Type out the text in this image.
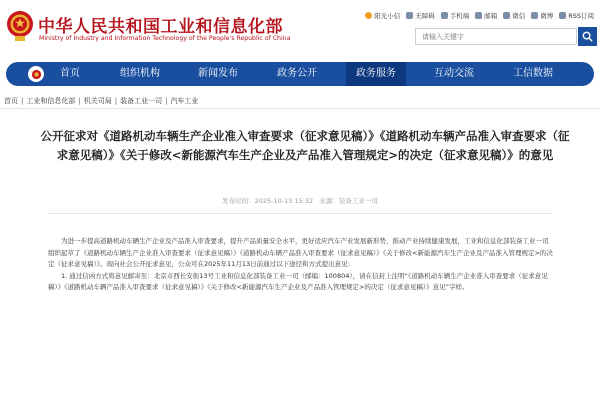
中华人民共和国工业和信息化部
Ministry of Industry and Information Technology of the People's Republic of China
阳光小信 无障碍 手机端 邮箱 微信 微博 RSS订阅
请输入关键字
首页	组织机构	新闻发布	政务公开	政务服务	互动交流	工信数据
首页 | 工业和信息化部 | 机关司局 | 装备工业一司 | 汽车工业
公开征求对《道路机动车辆生产企业准入审查要求（征求意见稿）》《道路机动车辆产品准入审查要求（征求意见稿）》《关于修改<新能源汽车生产企业及产品准入管理规定>的决定（征求意见稿）》的意见
发布时间：2025-10-13 15:32 来源：装备工业一司

为进一步提高道路机动车辆生产企业及产品准入审查要求，提升产品质量安全水平，更好适应汽车产业发展新形势，推动产业持续健康发展，工业和信息化部装备工业一司组织起草了《道路机动车辆生产企业准入审查要求（征求意见稿）》《道路机动车辆产品准入审查要求（征求意见稿）》《关于修改<新能源汽车生产企业及产品准入管理规定>的决定（征求意见稿）》。现向社会公开征求意见，公众可在2025年11月13日前通过以下途径和方式提出意见：

1. 通过信函方式将意见邮寄至：北京市西长安街13号工业和信息化部装备工业一司（邮编：100804），请在信封上注明“《道路机动车辆生产企业准入审查要求（征求意见稿）》《道路机动车辆产品准入审查要求（征求意见稿）》《关于修改<新能源汽车生产企业及产品准入管理规定>的决定（征求意见稿）》意见”字样。
